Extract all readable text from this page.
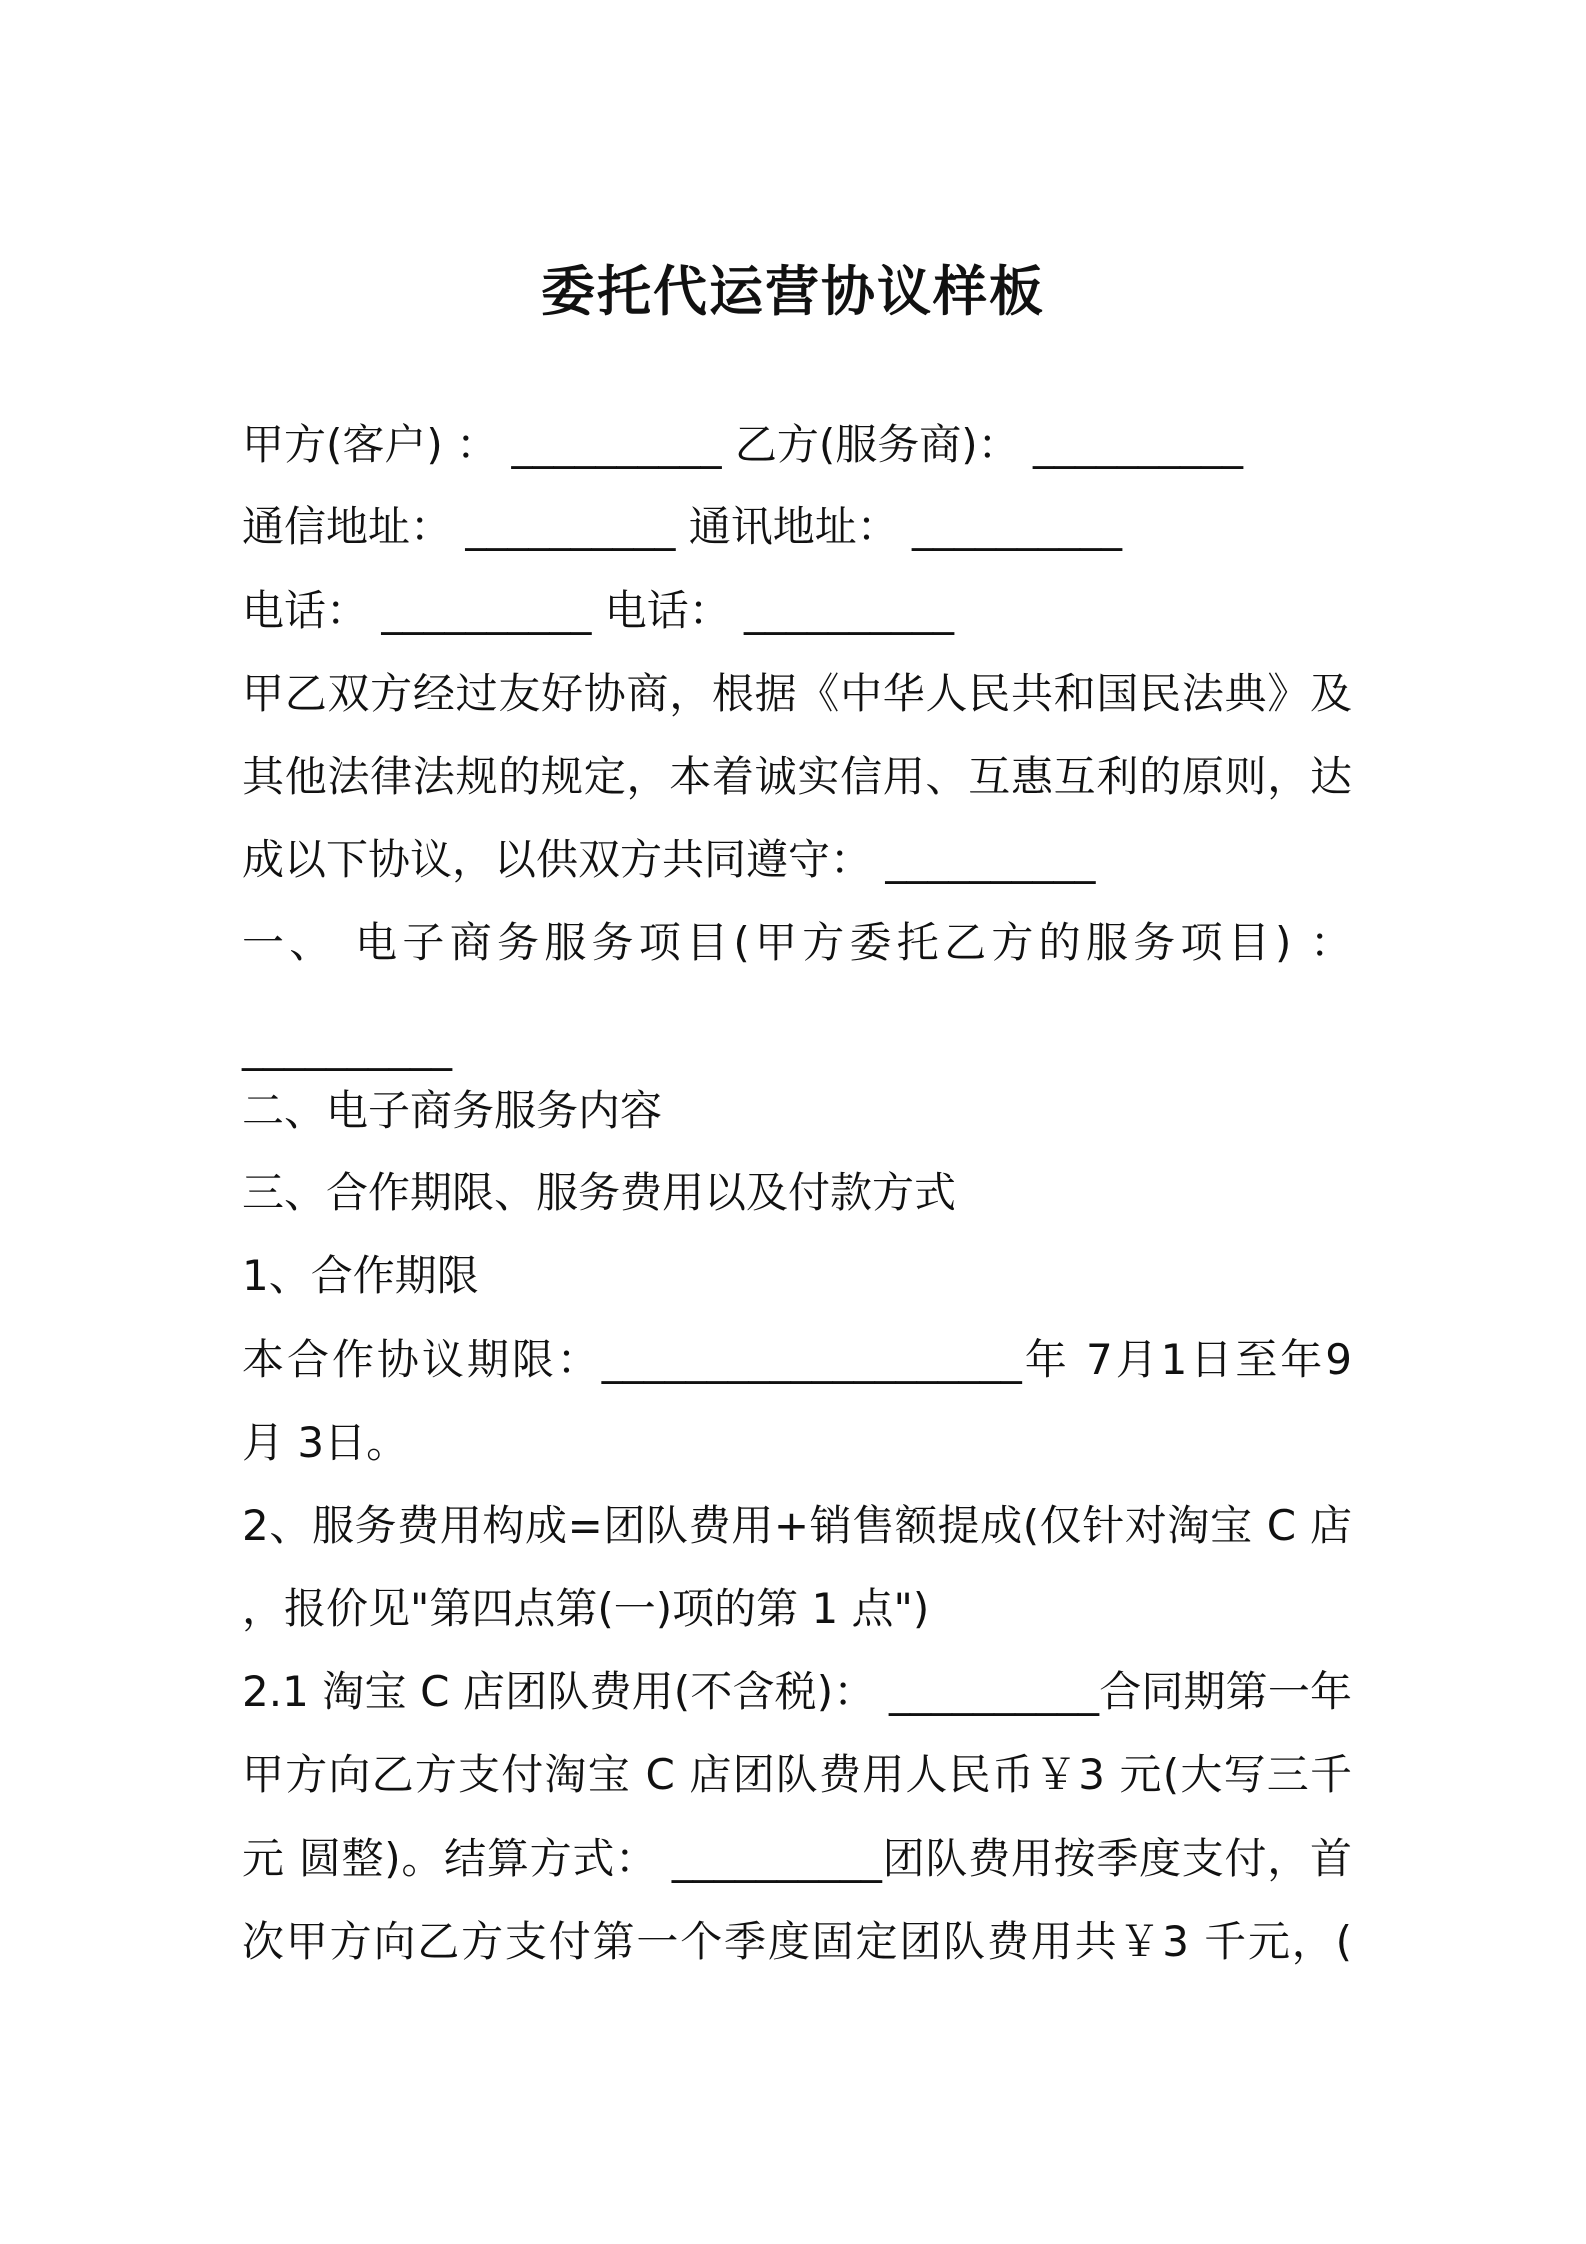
委托代运营协议样板
甲方(客户) ： __________ 乙方(服务商)： __________
通信地址： __________ 通讯地址： __________
电话： __________ 电话： __________
甲乙双方经过友好协商，根据《中华人民共和国民法典》及
其他法律法规的规定，本着诚实信用、互惠互利的原则，达
成以下协议，以供双方共同遵守： __________
一、 电子商务服务项目(甲方委托乙方的服务项目) ：
__________
二、电子商务服务内容
三、合作期限、服务费用以及付款方式
1、合作期限
本合作协议期限：____________________年 7月1日至年9
月 3日。
2、服务费用构成=团队费用+销售额提成(仅针对淘宝 C 店
，报价见"第四点第(一)项的第 1 点")
2.1 淘宝 C 店团队费用(不含税)： __________合同期第一年
甲方向乙方支付淘宝 C 店团队费用人民币￥3 元(大写三千
元 圆整)。结算方式： __________团队费用按季度支付，首
次甲方向乙方支付第一个季度固定团队费用共￥3 千元，(
